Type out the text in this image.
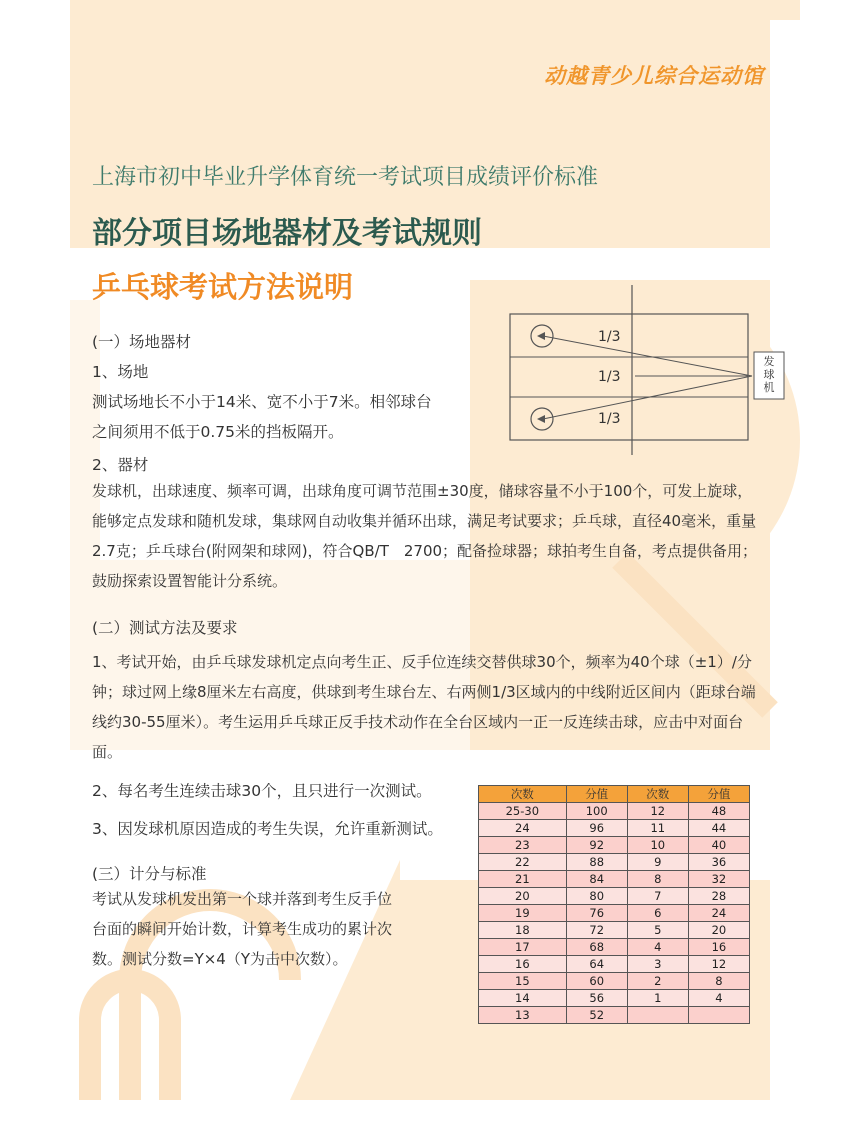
动越青少儿综合运动馆
上海市初中毕业升学体育统一考试项目成绩评价标准
部分项目场地器材及考试规则
乒乓球考试方法说明
1/3
1/3
1/3
发
球
机
(一）场地器材
1、场地
测试场地长不小于14米、宽不小于7米。相邻球台
之间须用不低于0.75米的挡板隔开。
2、器材

发球机，出球速度、频率可调，出球角度可调节范围±30度，储球容量不小于100个，可发上旋球，能够定点发球和随机发球，集球网自动收集并循环出球，满足考试要求；乒乓球，直径40毫米，重量2.7克；乒乓球台(附网架和球网)，符合QB/T　2700；配备捡球器；球拍考生自备，考点提供备用；鼓励探索设置智能计分系统。

(二）测试方法及要求

1、考试开始，由乒乓球发球机定点向考生正、反手位连续交替供球30个，频率为40个球（±1）/分钟；球过网上缘8厘米左右高度，供球到考生球台左、右两侧1/3区域内的中线附近区间内（距球台端线约30-55厘米）。考生运用乒乓球正反手技术动作在全台区域内一正一反连续击球，应击中对面台面。

2、每名考生连续击球30个，且只进行一次测试。
3、因发球机原因造成的考生失误，允许重新测试。
(三）计分与标准

考试从发球机发出第一个球并落到考生反手位台面的瞬间开始计数，计算考生成功的累计次数。测试分数=Y×4（Y为击中次数）。

次数	分值	次数	分值
25-30	100	12	48
24	96	11	44
23	92	10	40
22	88	9	36
21	84	8	32
20	80	7	28
19	76	6	24
18	72	5	20
17	68	4	16
16	64	3	12
15	60	2	8
14	56	1	4
13	52		
